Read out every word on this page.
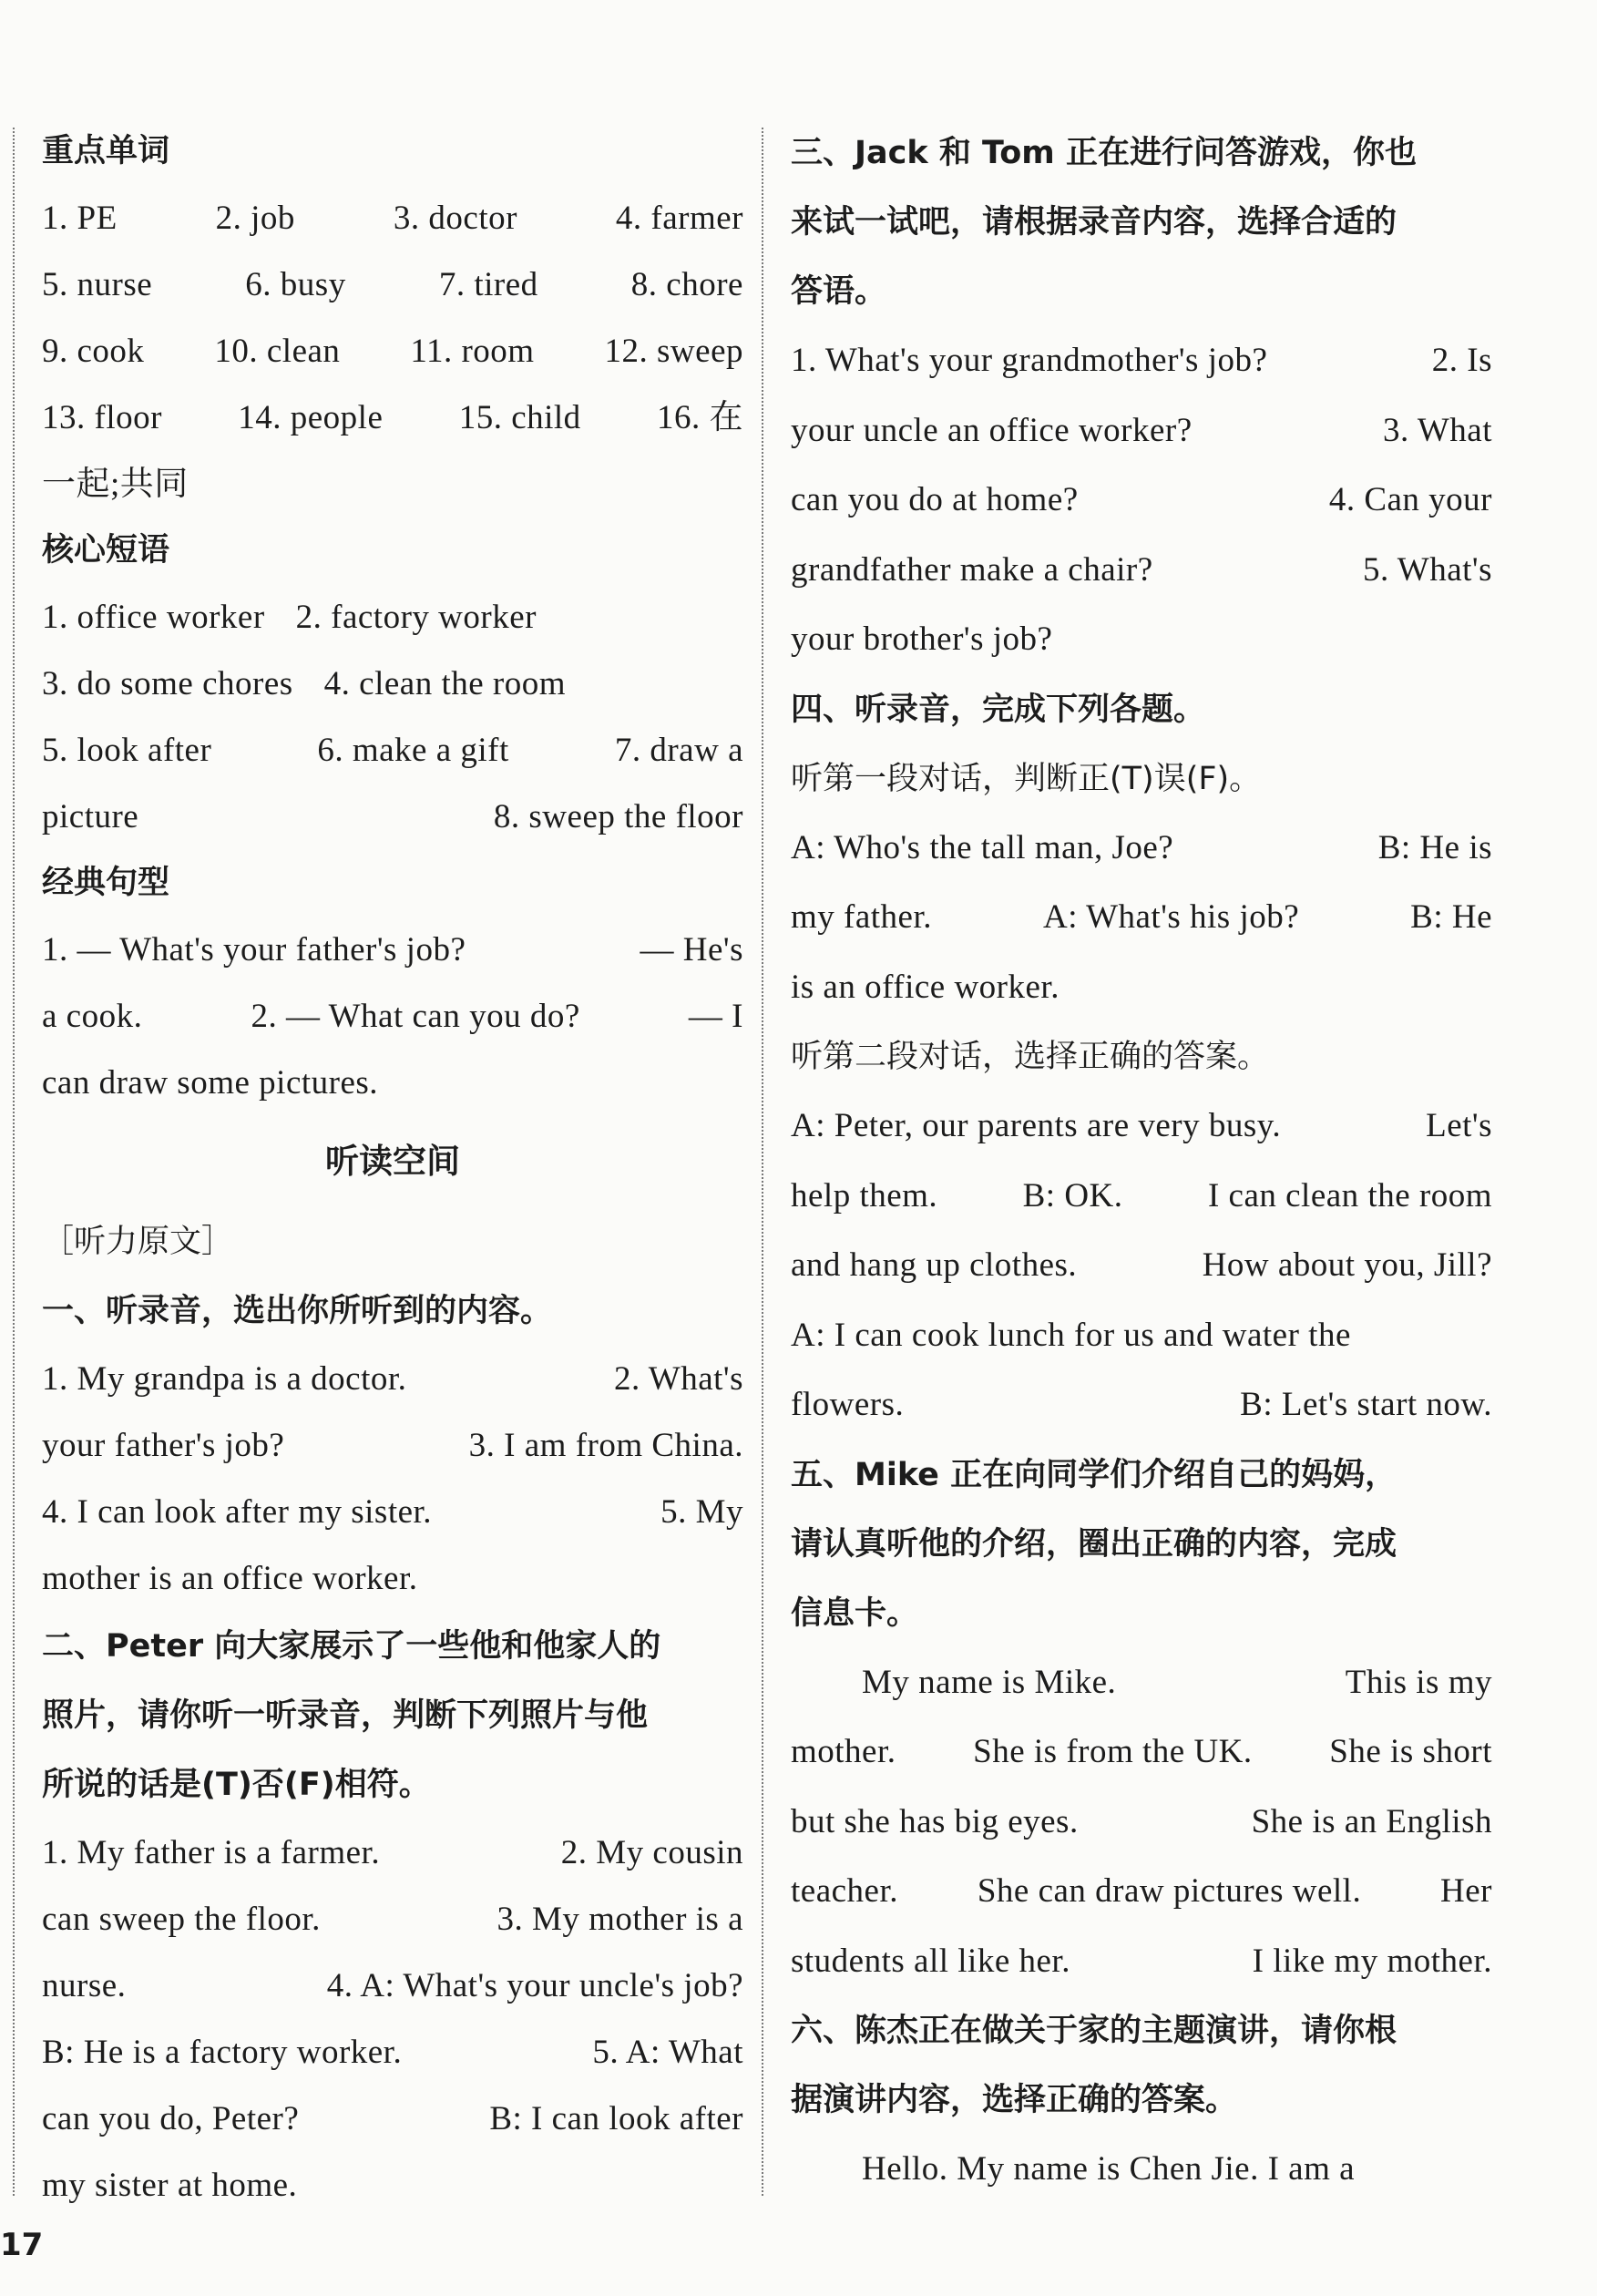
重点单词
1. PE	2. job	3. doctor	4. farmer
5. nurse	6. busy	7. tired	8. chore
9. cook 10. clean 11. room 12. sweep
13. floor 14. people 15. child 16. 在
一起;共同
核心短语
1. office worker 2. factory worker
3. do some chores 4. clean the room
5. look after	6. make a gift	7. draw a
picture	8. sweep the floor
经典句型
1. — What's your father's job?	— He's
a cook.	2. — What can you do?	— I
can draw some pictures.
听读空间
［听力原文］
一、听录音，选出你所听到的内容。
1. My grandpa is a doctor.	2. What's
your father's job?	3. I am from China.
4. I can look after my sister.	5. My
mother is an office worker.
二、Peter 向大家展示了一些他和他家人的
照片，请你听一听录音，判断下列照片与他
所说的话是(T)否(F)相符。
1. My father is a farmer.	2. My cousin
can sweep the floor.	3. My mother is a
nurse.	4. A: What's your uncle's job?
B: He is a factory worker.	5. A: What
can you do, Peter?	B: I can look after
my sister at home.
三、Jack 和 Tom 正在进行问答游戏，你也
来试一试吧，请根据录音内容，选择合适的
答语。
1. What's your grandmother's job?	2. Is
your uncle an office worker?	3. What
can you do at home?	4. Can your
grandfather make a chair?	5. What's
your brother's job?
四、听录音，完成下列各题。
听第一段对话，判断正(T)误(F)。
A: Who's the tall man, Joe?	B: He is
my father.	A: What's his job?	B: He
is an office worker.
听第二段对话，选择正确的答案。
A: Peter, our parents are very busy.	Let's
help them.	B: OK.	I can clean the room
and hang up clothes.	How about you, Jill?
A: I can cook lunch for us and water the
flowers.	B: Let's start now.
五、Mike 正在向同学们介绍自己的妈妈，
请认真听他的介绍，圈出正确的内容，完成
信息卡。
My name is Mike.	This is my
mother. She is from the UK. She is short
but she has big eyes.	She is an English
teacher. She can draw pictures well. Her
students all like her.	I like my mother.
六、陈杰正在做关于家的主题演讲，请你根
据演讲内容，选择正确的答案。
Hello. My name is Chen Jie. I am a
17
